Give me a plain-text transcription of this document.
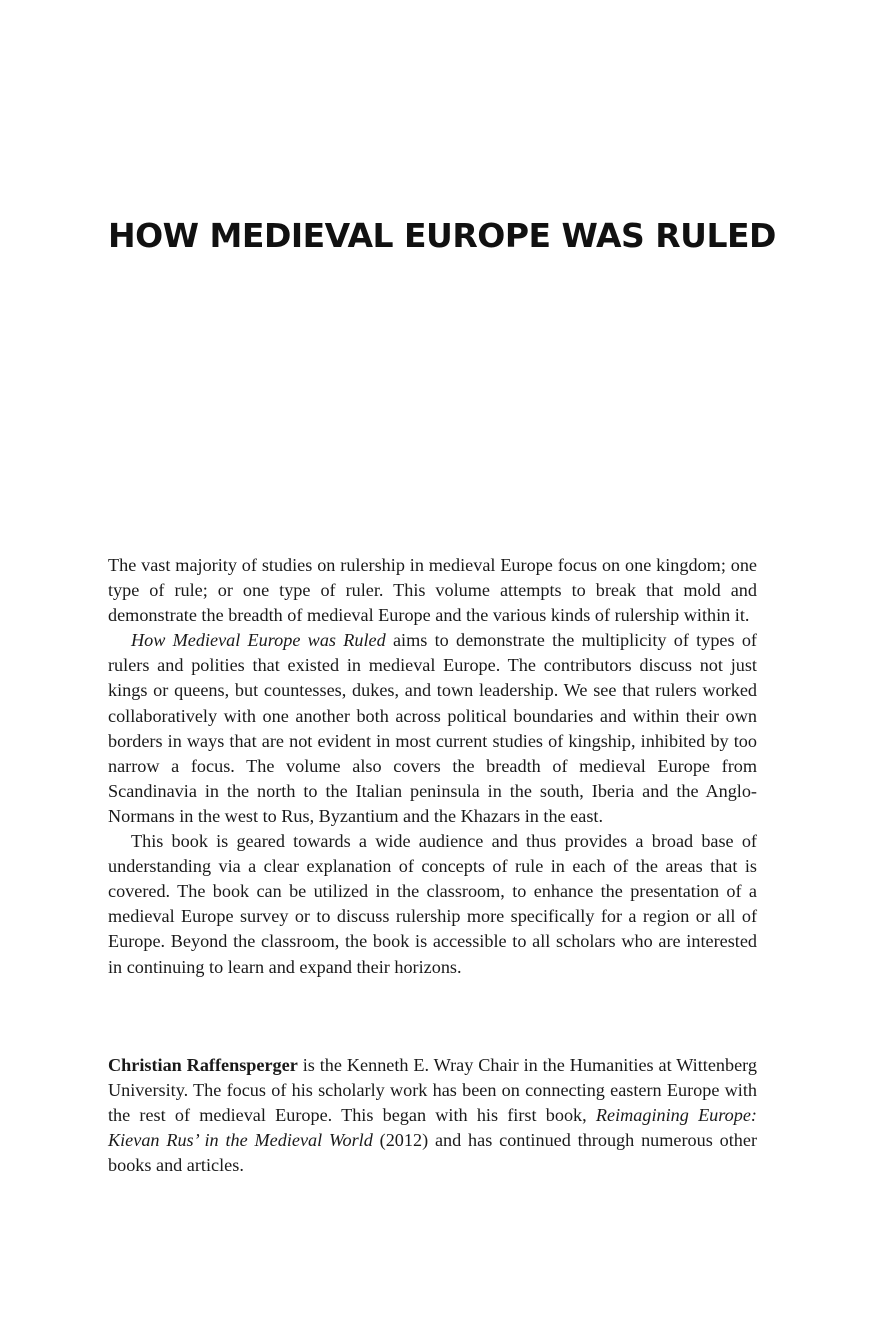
HOW MEDIEVAL EUROPE WAS RULED

The vast majority of studies on rulership in medieval Europe focus on one kingdom; one type of rule; or one type of ruler. This volume attempts to break that mold and demonstrate the breadth of medieval Europe and the various kinds of rulership within it.

How Medieval Europe was Ruled aims to demonstrate the multiplicity of types of rulers and polities that existed in medieval Europe. The contributors discuss not just kings or queens, but countesses, dukes, and town leadership. We see that rulers worked collaboratively with one another both across political boundaries and within their own borders in ways that are not evident in most current studies of kingship, inhibited by too narrow a focus. The volume also covers the breadth of medieval Europe from Scandinavia in the north to the Italian peninsula in the south, Iberia and the Anglo-Normans in the west to Rus, Byzantium and the Khazars in the east.

This book is geared towards a wide audience and thus provides a broad base of understanding via a clear explanation of concepts of rule in each of the areas that is covered. The book can be utilized in the classroom, to enhance the presentation of a medieval Europe survey or to discuss rulership more specifically for a region or all of Europe. Beyond the classroom, the book is accessible to all scholars who are interested in continuing to learn and expand their horizons.

Christian Raffensperger is the Kenneth E. Wray Chair in the Humanities at Wittenberg University. The focus of his scholarly work has been on connecting eastern Europe with the rest of medieval Europe. This began with his first book, Reimagining Europe: Kievan Rus’ in the Medieval World (2012) and has continued through numerous other books and articles.
